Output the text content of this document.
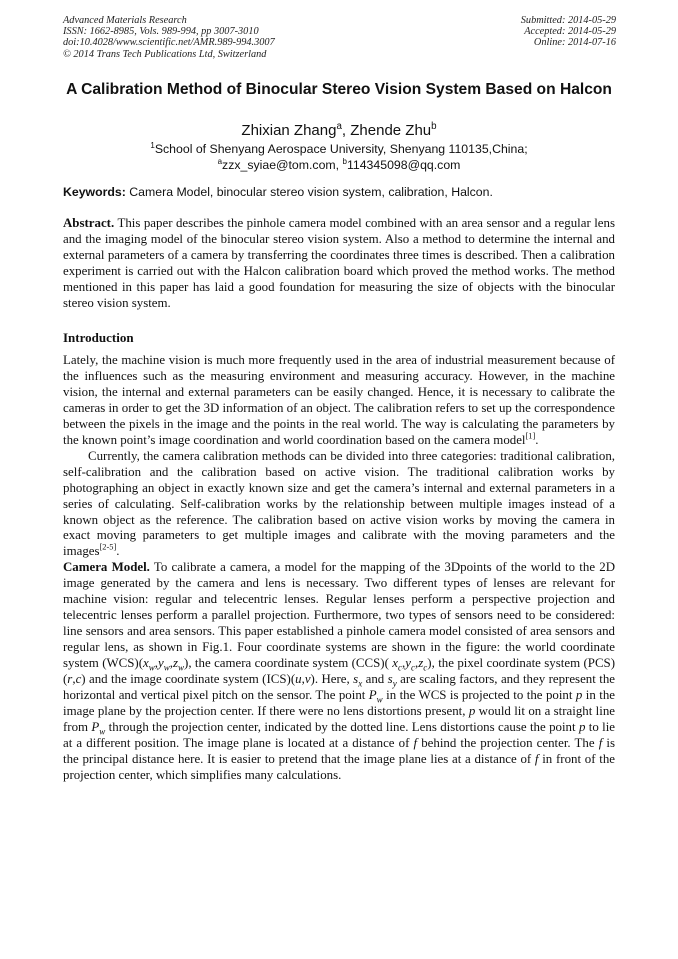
Advanced Materials Research
ISSN: 1662-8985, Vols. 989-994, pp 3007-3010
doi:10.4028/www.scientific.net/AMR.989-994.3007
© 2014 Trans Tech Publications Ltd, Switzerland
Submitted: 2014-05-29
Accepted: 2014-05-29
Online: 2014-07-16
A Calibration Method of Binocular Stereo Vision System Based on Halcon
Zhixian Zhang$^a$, Zhende Zhu$^b$
$^1$School of Shenyang Aerospace University, Shenyang 110135,China;
$^a$zzx_syiae@tom.com, $^b$114345098@qq.com
Keywords: Camera Model, binocular stereo vision system, calibration, Halcon.

Abstract. This paper describes the pinhole camera model combined with an area sensor and a regular lens and the imaging model of the binocular stereo vision system. Also a method to determine the internal and external parameters of a camera by transferring the coordinates three times is described. Then a calibration experiment is carried out with the Halcon calibration board which proved the method works. The method mentioned in this paper has laid a good foundation for measuring the size of objects with the binocular stereo vision system.

Introduction

Lately, the machine vision is much more frequently used in the area of industrial measurement because of the influences such as the measuring environment and measuring accuracy. However, in the machine vision, the internal and external parameters can be easily changed. Hence, it is necessary to calibrate the cameras in order to get the 3D information of an object. The calibration refers to set up the correspondence between the pixels in the image and the points in the real world. The way is calculating the parameters by the known point’s image coordination and world coordination based on the camera model[1].

Currently, the camera calibration methods can be divided into three categories: traditional calibration, self-calibration and the calibration based on active vision. The traditional calibration works by photographing an object in exactly known size and get the camera’s internal and external parameters in a series of calculating. Self-calibration works by the relationship between multiple images instead of a known object as the reference. The calibration based on active vision works by moving the camera in exact moving parameters to get multiple images and calibrate with the moving parameters and the images[2-5].

Camera Model. To calibrate a camera, a model for the mapping of the 3Dpoints of the world to the 2D image generated by the camera and lens is necessary. Two different types of lenses are relevant for machine vision: regular and telecentric lenses. Regular lenses perform a perspective projection and telecentric lenses perform a parallel projection. Furthermore, two types of sensors need to be considered: line sensors and area sensors. This paper established a pinhole camera model consisted of area sensors and regular lens, as shown in Fig.1. Four coordinate systems are shown in the figure: the world coordinate system $(WCS)(x_w,y_w,z_w)$, the camera coordinate system (CCS)( $x_c,y_c,z_c$), the pixel coordinate system (PCS)(r,c) and the image coordinate system (ICS)(u,v). Here, $s_x$ and $s_y$ are scaling factors, and they represent the horizontal and vertical pixel pitch on the sensor. The point $P_w$ in the WCS is projected to the point p in the image plane by the projection center. If there were no lens distortions present, p would lit on a straight line from $P_w$ through the projection center, indicated by the dotted line. Lens distortions cause the point p to lie at a different position. The image plane is located at a distance of f behind the projection center. The f is the principal distance here. It is easier to pretend that the image plane lies at a distance of f in front of the projection center, which simplifies many calculations.
